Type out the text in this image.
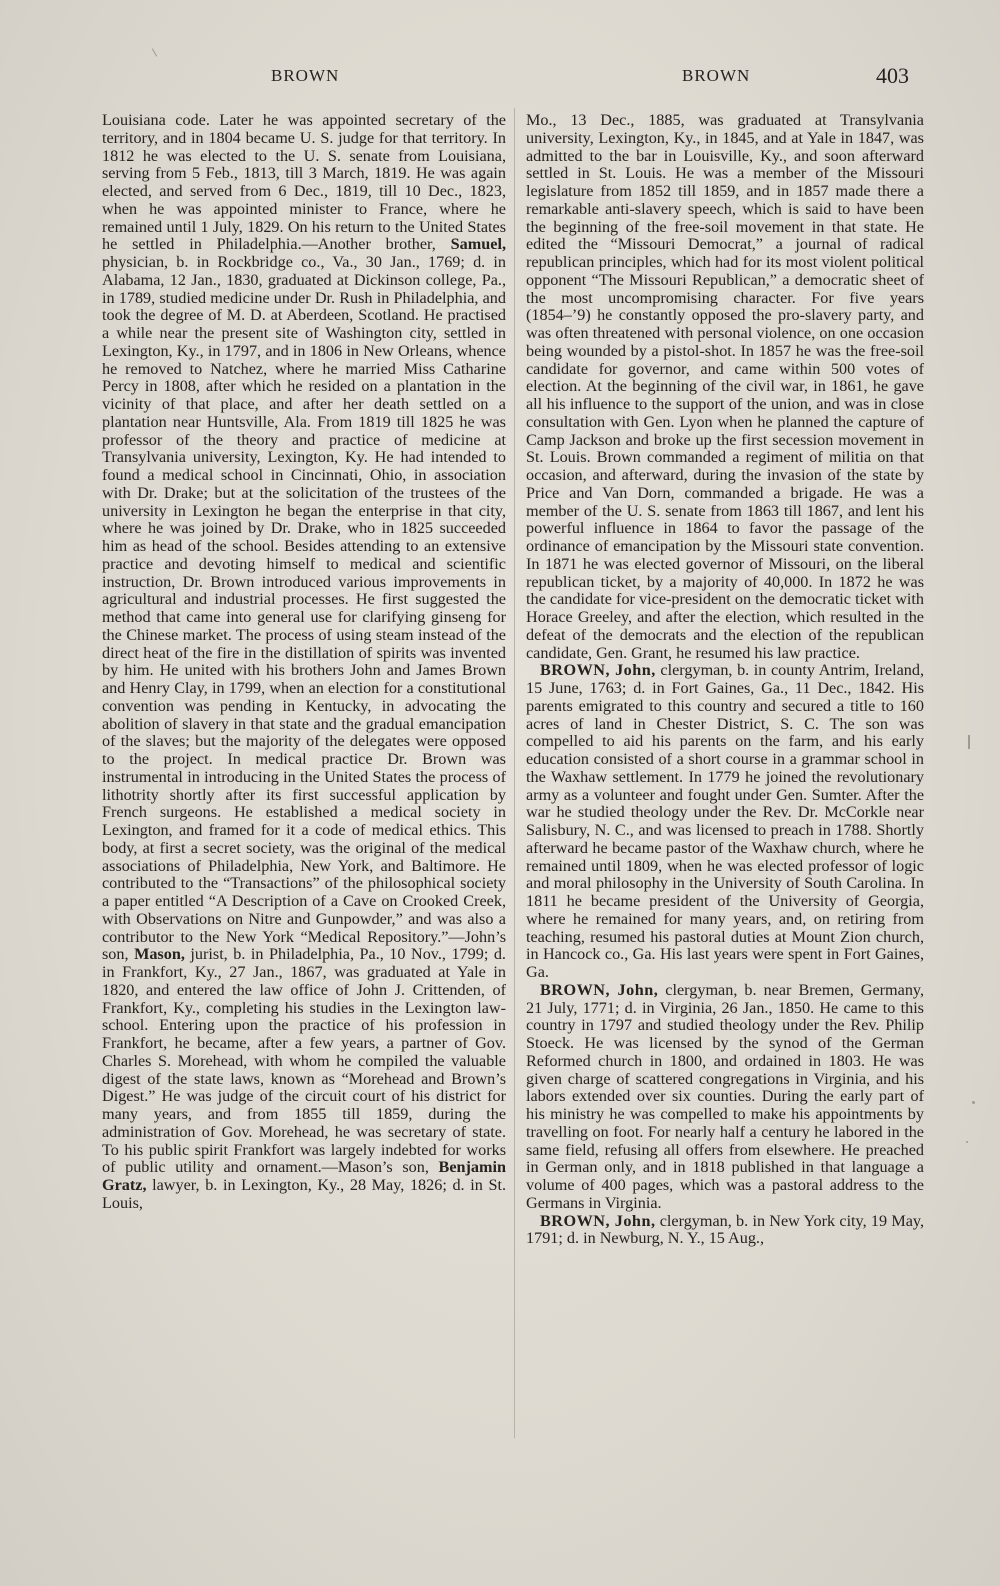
BROWN	BROWN	403

Louisiana code. Later he was appointed secretary of the territory, and in 1804 became U. S. judge for that territory. In 1812 he was elected to the U. S. senate from Louisiana, serving from 5 Feb., 1813, till 3 March, 1819. He was again elected, and served from 6 Dec., 1819, till 10 Dec., 1823, when he was appointed minister to France, where he remained until 1 July, 1829. On his return to the United States he settled in Philadelphia.—Another brother, Samuel, physician, b. in Rockbridge co., Va., 30 Jan., 1769; d. in Alabama, 12 Jan., 1830, graduated at Dickinson college, Pa., in 1789, studied medicine under Dr. Rush in Philadelphia, and took the degree of M. D. at Aberdeen, Scotland. He practised a while near the present site of Washington city, settled in Lexington, Ky., in 1797, and in 1806 in New Orleans, whence he removed to Natchez, where he married Miss Catharine Percy in 1808, after which he resided on a plantation in the vicinity of that place, and after her death settled on a plantation near Huntsville, Ala. From 1819 till 1825 he was professor of the theory and practice of medicine at Transylvania university, Lexington, Ky. He had intended to found a medical school in Cincinnati, Ohio, in association with Dr. Drake; but at the solicitation of the trustees of the university in Lexington he began the enterprise in that city, where he was joined by Dr. Drake, who in 1825 succeeded him as head of the school. Besides attending to an extensive practice and devoting himself to medical and scientific instruction, Dr. Brown introduced various improvements in agricultural and industrial processes. He first suggested the method that came into general use for clarifying ginseng for the Chinese market. The process of using steam instead of the direct heat of the fire in the distillation of spirits was invented by him. He united with his brothers John and James Brown and Henry Clay, in 1799, when an election for a constitutional convention was pending in Kentucky, in advocating the abolition of slavery in that state and the gradual emancipation of the slaves; but the majority of the delegates were opposed to the project. In medical practice Dr. Brown was instrumental in introducing in the United States the process of lithotrity shortly after its first successful application by French surgeons. He established a medical society in Lexington, and framed for it a code of medical ethics. This body, at first a secret society, was the original of the medical associations of Philadelphia, New York, and Baltimore. He contributed to the “Transactions” of the philosophical society a paper entitled “A Description of a Cave on Crooked Creek, with Observations on Nitre and Gunpowder,” and was also a contributor to the New York “Medical Repository.”—John’s son, Mason, jurist, b. in Philadelphia, Pa., 10 Nov., 1799; d. in Frankfort, Ky., 27 Jan., 1867, was graduated at Yale in 1820, and entered the law office of John J. Crittenden, of Frankfort, Ky., completing his studies in the Lexington law-school. Entering upon the practice of his profession in Frankfort, he became, after a few years, a partner of Gov. Charles S. Morehead, with whom he compiled the valuable digest of the state laws, known as “Morehead and Brown’s Digest.” He was judge of the circuit court of his district for many years, and from 1855 till 1859, during the administration of Gov. Morehead, he was secretary of state. To his public spirit Frankfort was largely indebted for works of public utility and ornament.—Mason’s son, Benjamin Gratz, lawyer, b. in Lexington, Ky., 28 May, 1826; d. in St. Louis,

Mo., 13 Dec., 1885, was graduated at Transylvania university, Lexington, Ky., in 1845, and at Yale in 1847, was admitted to the bar in Louisville, Ky., and soon afterward settled in St. Louis. He was a member of the Missouri legislature from 1852 till 1859, and in 1857 made there a remarkable anti-slavery speech, which is said to have been the beginning of the free-soil movement in that state. He edited the “Missouri Democrat,” a journal of radical republican principles, which had for its most violent political opponent “The Missouri Republican,” a democratic sheet of the most uncompromising character. For five years (1854–’9) he constantly opposed the pro-slavery party, and was often threatened with personal violence, on one occasion being wounded by a pistol-shot. In 1857 he was the free-soil candidate for governor, and came within 500 votes of election. At the beginning of the civil war, in 1861, he gave all his influence to the support of the union, and was in close consultation with Gen. Lyon when he planned the capture of Camp Jackson and broke up the first secession movement in St. Louis. Brown commanded a regiment of militia on that occasion, and afterward, during the invasion of the state by Price and Van Dorn, commanded a brigade. He was a member of the U. S. senate from 1863 till 1867, and lent his powerful influence in 1864 to favor the passage of the ordinance of emancipation by the Missouri state convention. In 1871 he was elected governor of Missouri, on the liberal republican ticket, by a majority of 40,000. In 1872 he was the candidate for vice-president on the democratic ticket with Horace Greeley, and after the election, which resulted in the defeat of the democrats and the election of the republican candidate, Gen. Grant, he resumed his law practice.

BROWN, John, clergyman, b. in county Antrim, Ireland, 15 June, 1763; d. in Fort Gaines, Ga., 11 Dec., 1842. His parents emigrated to this country and secured a title to 160 acres of land in Chester District, S. C. The son was compelled to aid his parents on the farm, and his early education consisted of a short course in a grammar school in the Waxhaw settlement. In 1779 he joined the revolutionary army as a volunteer and fought under Gen. Sumter. After the war he studied theology under the Rev. Dr. McCorkle near Salisbury, N. C., and was licensed to preach in 1788. Shortly afterward he became pastor of the Waxhaw church, where he remained until 1809, when he was elected professor of logic and moral philosophy in the University of South Carolina. In 1811 he became president of the University of Georgia, where he remained for many years, and, on retiring from teaching, resumed his pastoral duties at Mount Zion church, in Hancock co., Ga. His last years were spent in Fort Gaines, Ga.

BROWN, John, clergyman, b. near Bremen, Germany, 21 July, 1771; d. in Virginia, 26 Jan., 1850. He came to this country in 1797 and studied theology under the Rev. Philip Stoeck. He was licensed by the synod of the German Reformed church in 1800, and ordained in 1803. He was given charge of scattered congregations in Virginia, and his labors extended over six counties. During the early part of his ministry he was compelled to make his appointments by travelling on foot. For nearly half a century he labored in the same field, refusing all offers from elsewhere. He preached in German only, and in 1818 published in that language a volume of 400 pages, which was a pastoral address to the Germans in Virginia.

BROWN, John, clergyman, b. in New York city, 19 May, 1791; d. in Newburg, N. Y., 15 Aug.,
